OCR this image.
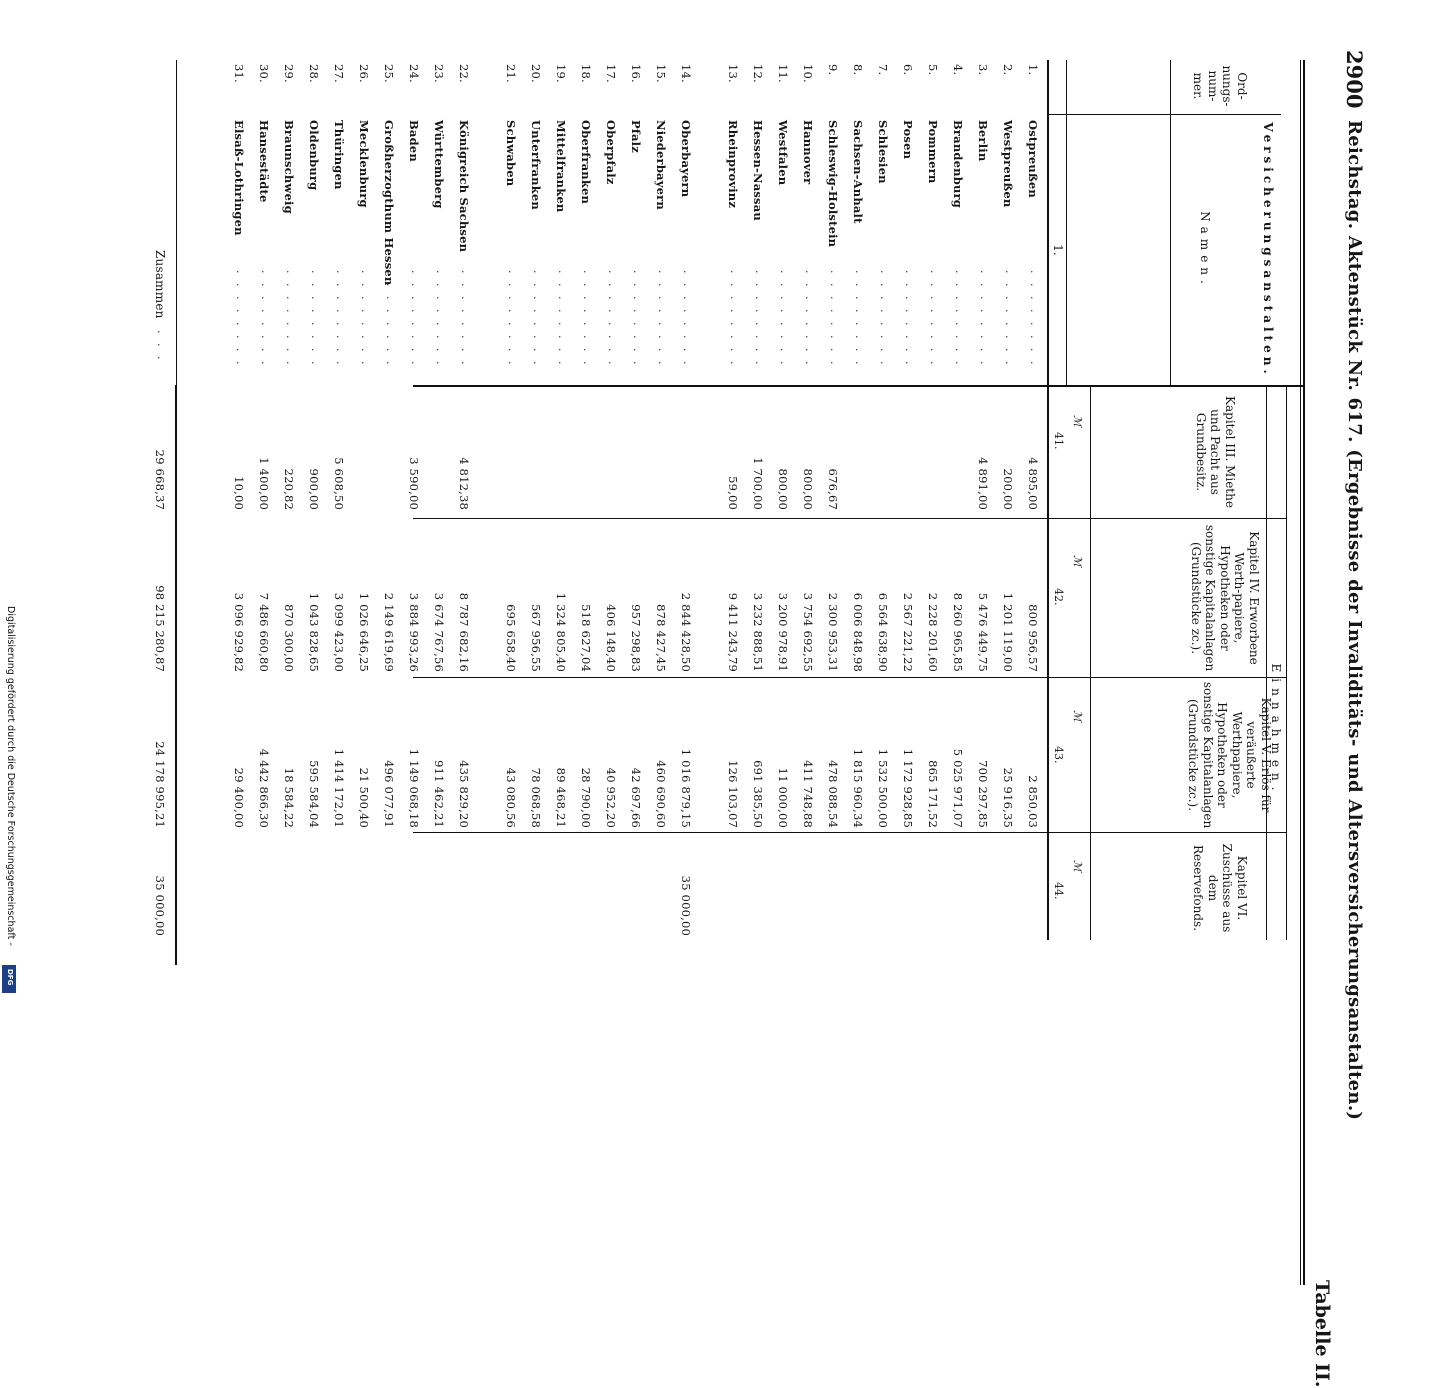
2900
Reichstag. Aktenstück Nr. 617. (Ergebnisse der Invaliditäts- und Altersversicherungsanstalten.)
Tabelle II.
Ord-nungs-num-mer.
Versicherungsanstalten.
Namen.
1.
Einnahmen.
Kapitel III. Miethe und Pacht aus Grundbesitz.
Kapitel IV. Erworbene Werth-papiere, Hypotheken oder sonstige Kapitalanlagen (Grundstücke zc.).
Kapitel V. Erlös für veräußerte Werthpapiere, Hypotheken oder sonstige Kapitalanlagen (Grundstücke zc.).
Kapitel VI. Zuschüsse aus dem Reservefonds.
ℳ
ℳ
ℳ
ℳ
41.
42.
43.
44.
Zusammen
. . .
29 668,37
98 215 280,87
24 178 995,21
35 000,00
1.
Ostpreußen
. . . . . . . .
4 895,00
800 956,57
2 850,03
2.
Westpreußen
. . . . . . . .
200,00
1 201 119,00
25 916,35
3.
Berlin
. . . . . . . .
4 891,00
5 476 449,75
700 297,85
4.
Brandenburg
. . . . . . . .
8 260 965,85
5 025 971,07
5.
Pommern
. . . . . . . .
2 228 201,60
865 171,52
6.
Posen
. . . . . . . .
2 567 221,22
1 172 928,85
7.
Schlesien
. . . . . . . .
6 564 638,90
1 532 500,00
8.
Sachsen-Anhalt
. . . . . . . .
6 006 848,98
1 815 960,34
9.
Schleswig-Holstein
. . . . . . . .
676,67
2 300 953,31
478 088,54
10.
Hannover
. . . . . . . .
800,00
3 754 692,55
411 748,88
11.
Westfalen
. . . . . . . .
800,00
3 200 978,91
11 000,00
12.
Hessen-Nassau
. . . . . . . .
1 700,00
3 232 888,51
691 385,50
13.
Rheinprovinz
. . . . . . . .
59,00
9 411 243,79
126 103,07
14.
Oberbayern
. . . . . . . .
2 844 428,50
1 016 879,15
35 000,00
15.
Niederbayern
. . . . . . . .
878 427,45
460 690,60
16.
Pfalz
. . . . . . . .
957 298,83
42 697,66
17.
Oberpfalz
. . . . . . . .
406 148,40
40 952,20
18.
Oberfranken
. . . . . . . .
518 627,04
28 790,00
19.
Mittelfranken
. . . . . . . .
1 324 805,40
89 468,21
20.
Unterfranken
. . . . . . . .
567 956,55
78 068,58
21.
Schwaben
. . . . . . . .
695 658,40
43 080,56
22.
Königreich Sachsen
. . . . . . . .
4 812,38
8 787 682,16
435 829,20
23.
Württemberg
. . . . . . . .
3 674 767,56
911 462,21
24.
Baden
. . . . . . . .
3 590,00
3 884 993,26
1 149 068,18
25.
Großherzogthum Hessen
. . . . . . . .
2 149 619,69
496 077,91
26.
Mecklenburg
. . . . . . . .
1 026 646,25
21 500,40
27.
Thüringen
. . . . . . . .
5 608,50
3 099 423,00
1 414 172,01
28.
Oldenburg
. . . . . . . .
900,00
1 043 828,65
595 584,04
29.
Braunschweig
. . . . . . . .
220,82
870 300,00
18 584,22
30.
Hansestädte
. . . . . . . .
1 400,00
7 486 660,80
4 442 866,30
31.
Elsaß-Lothringen
. . . . . . . .
10,00
3 096 929,82
29 400,00
Digitalisierung gefördert durch die Deutsche Forschungsgemeinschaft -
DFG
